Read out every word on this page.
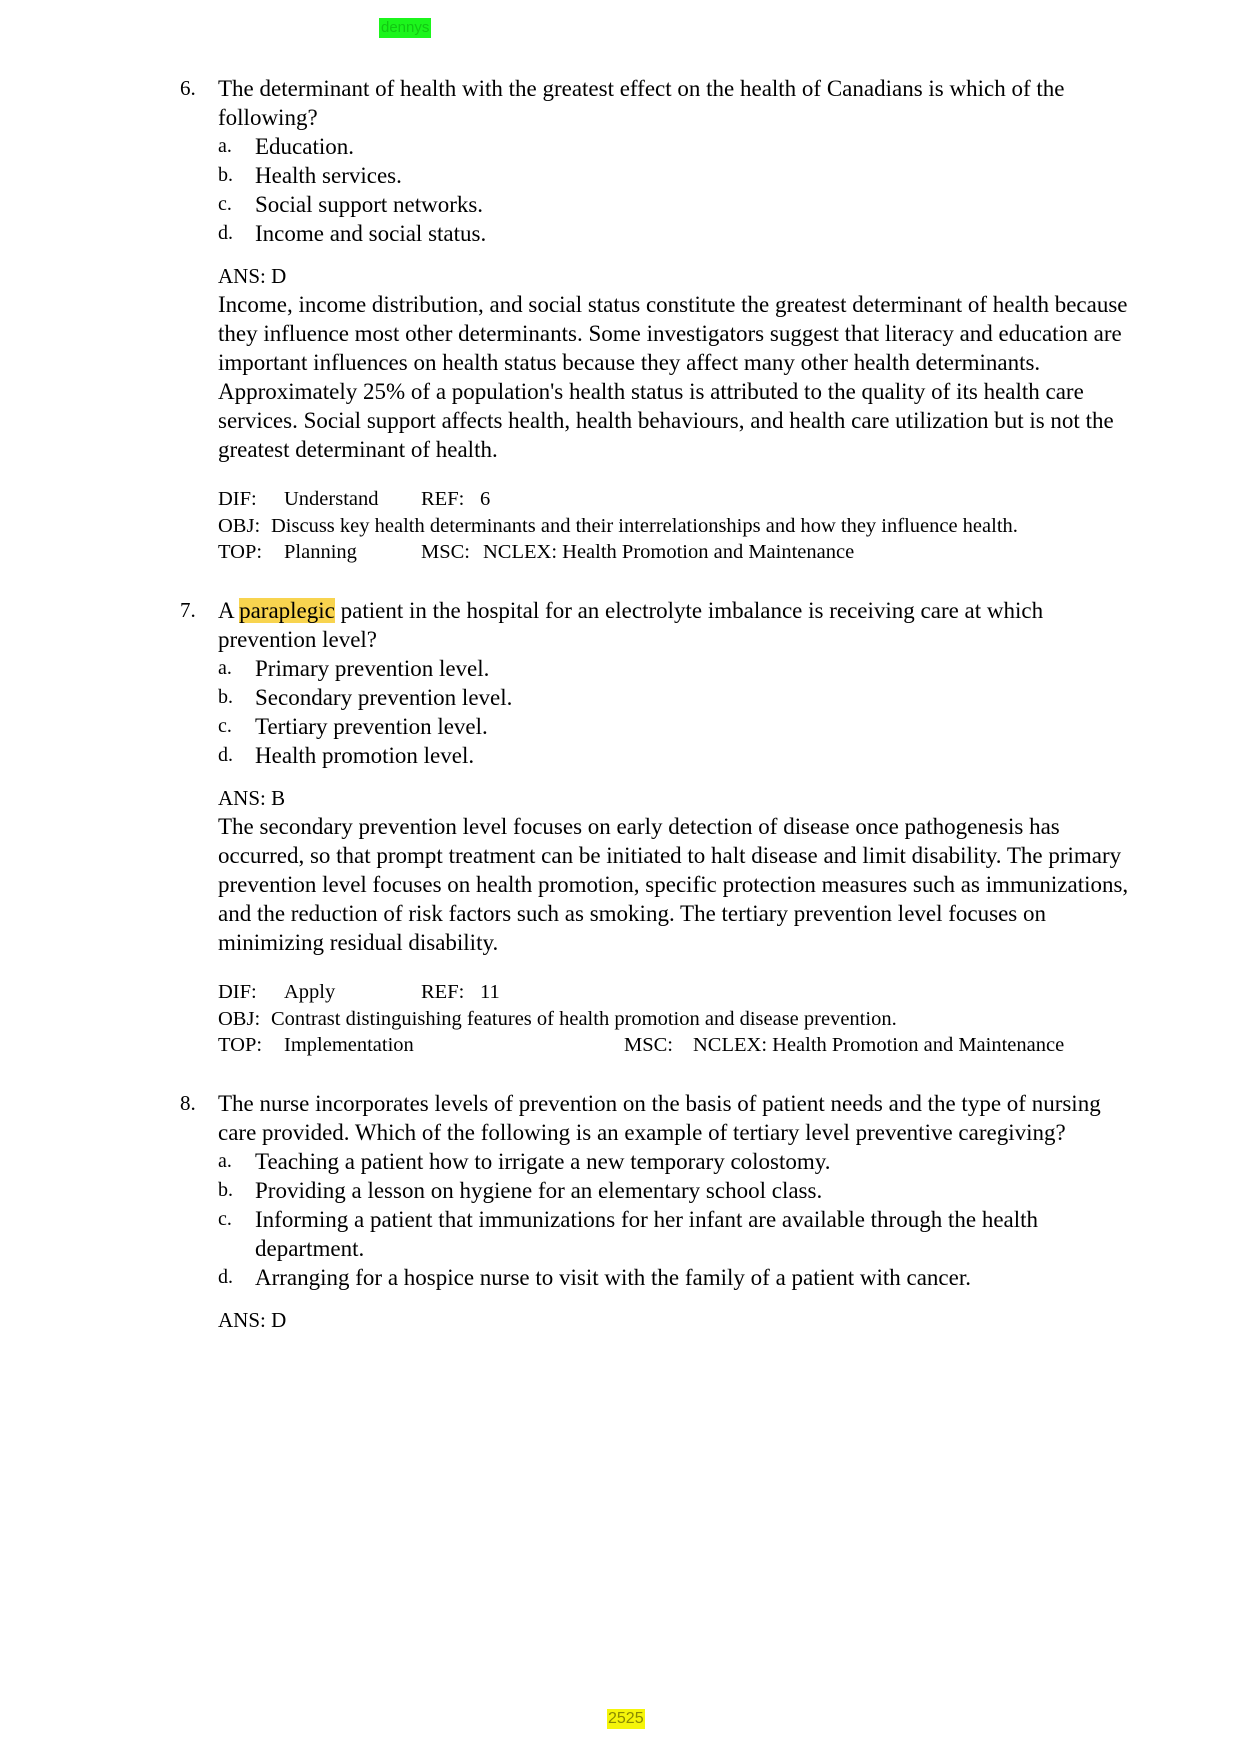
dennys
6. The determinant of health with the greatest effect on the health of Canadians is which of the following?
a.	Education.
b. Health services.
c.	Social support networks.
d. Income and social status.
ANS: D
Income, income distribution, and social status constitute the greatest determinant of health because they influence most other determinants. Some investigators suggest that literacy and education are important influences on health status because they affect many other health determinants. Approximately 25% of a population's health status is attributed to the quality of its health care services. Social support affects health, health behaviours, and health care utilization but is not the greatest determinant of health.
DIF: Understand REF: 6
OBJ: Discuss key health determinants and their interrelationships and how they influence health.
TOP: Planning	MSC: NCLEX: Health Promotion and Maintenance
7. A paraplegic patient in the hospital for an electrolyte imbalance is receiving care at which prevention level?
a.	Primary prevention level.
b. Secondary prevention level.
c.	Tertiary prevention level.
d. Health promotion level.
ANS: B
The secondary prevention level focuses on early detection of disease once pathogenesis has occurred, so that prompt treatment can be initiated to halt disease and limit disability. The primary prevention level focuses on health promotion, specific protection measures such as immunizations, and the reduction of risk factors such as smoking. The tertiary prevention level focuses on minimizing residual disability.
DIF: Apply	REF: 11
OBJ: Contrast distinguishing features of health promotion and disease prevention.
TOP: Implementation	MSC: NCLEX: Health Promotion and Maintenance
8. The nurse incorporates levels of prevention on the basis of patient needs and the type of nursing care provided. Which of the following is an example of tertiary level preventive caregiving?
a.	Teaching a patient how to irrigate a new temporary colostomy.
b. Providing a lesson on hygiene for an elementary school class.
c.	Informing a patient that immunizations for her infant are available through the health department.
d. Arranging for a hospice nurse to visit with the family of a patient with cancer.
ANS: D
2525
